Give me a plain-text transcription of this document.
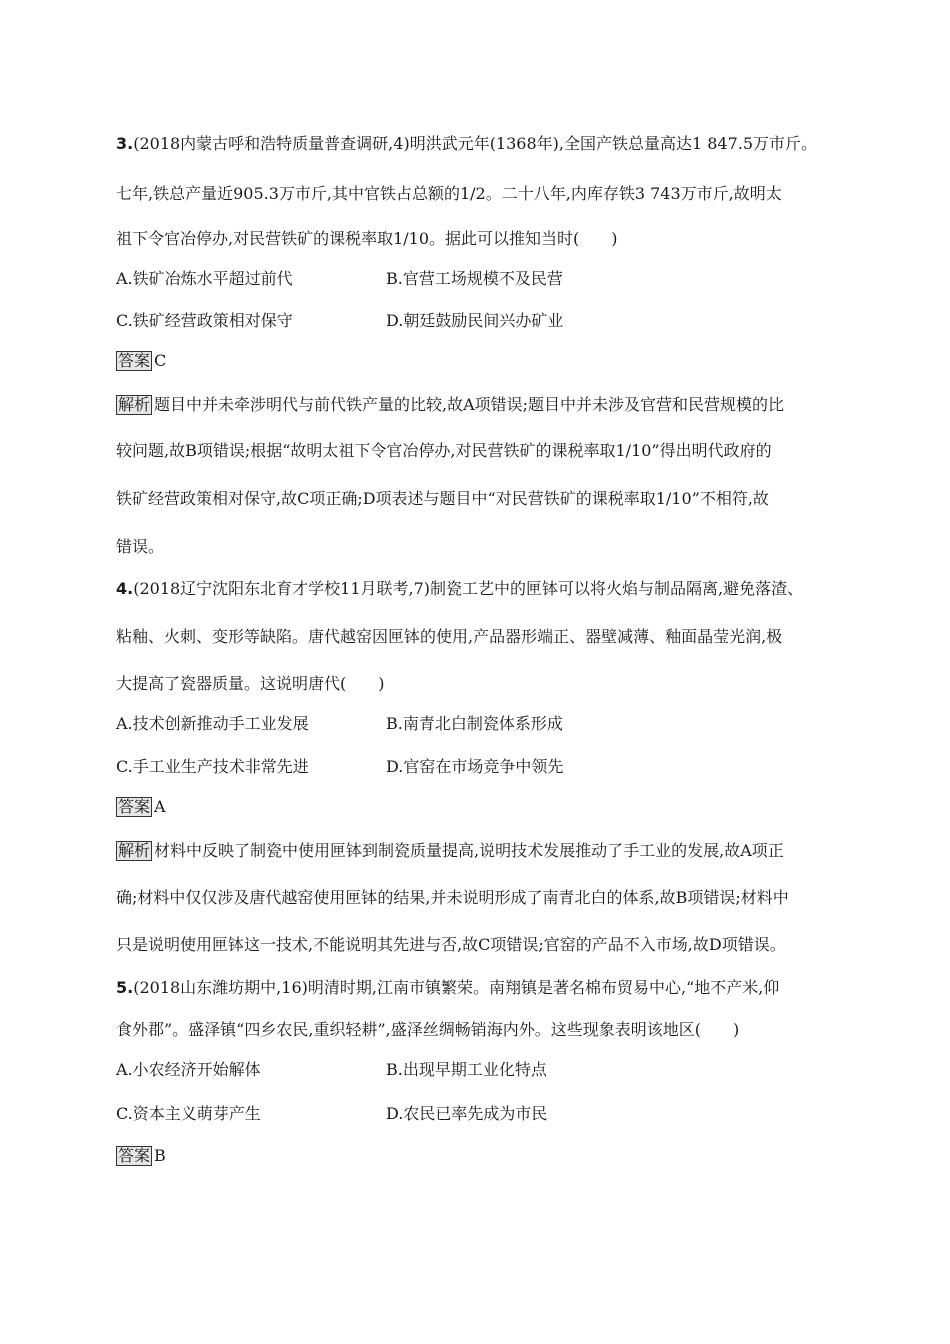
3.(2018内蒙古呼和浩特质量普查调研,4)明洪武元年(1368年),全国产铁总量高达1 847.5万市斤。
七年,铁总产量近905.3万市斤,其中官铁占总额的1/2。二十八年,内库存铁3 743万市斤,故明太
祖下令官冶停办,对民营铁矿的课税率取1/10。据此可以推知当时(　　)
A.铁矿冶炼水平超过前代	B.官营工场规模不及民营
C.铁矿经营政策相对保守	D.朝廷鼓励民间兴办矿业
答案 C
解析 题目中并未牵涉明代与前代铁产量的比较,故A项错误;题目中并未涉及官营和民营规模的比
较问题,故B项错误;根据“故明太祖下令官冶停办,对民营铁矿的课税率取1/10”得出明代政府的
铁矿经营政策相对保守,故C项正确;D项表述与题目中“对民营铁矿的课税率取1/10”不相符,故
错误。
4.(2018辽宁沈阳东北育才学校11月联考,7)制瓷工艺中的匣钵可以将火焰与制品隔离,避免落渣、
粘釉、火刺、变形等缺陷。唐代越窑因匣钵的使用,产品器形端正、器壁减薄、釉面晶莹光润,极
大提高了瓷器质量。这说明唐代(　　)
A.技术创新推动手工业发展	B.南青北白制瓷体系形成
C.手工业生产技术非常先进	D.官窑在市场竞争中领先
答案 A
解析 材料中反映了制瓷中使用匣钵到制瓷质量提高,说明技术发展推动了手工业的发展,故A项正
确;材料中仅仅涉及唐代越窑使用匣钵的结果,并未说明形成了南青北白的体系,故B项错误;材料中
只是说明使用匣钵这一技术,不能说明其先进与否,故C项错误;官窑的产品不入市场,故D项错误。
5.(2018山东潍坊期中,16)明清时期,江南市镇繁荣。南翔镇是著名棉布贸易中心,“地不产米,仰
食外郡”。盛泽镇“四乡农民,重织轻耕”,盛泽丝绸畅销海内外。这些现象表明该地区(　　)
A.小农经济开始解体	B.出现早期工业化特点
C.资本主义萌芽产生	D.农民已率先成为市民
答案 B
